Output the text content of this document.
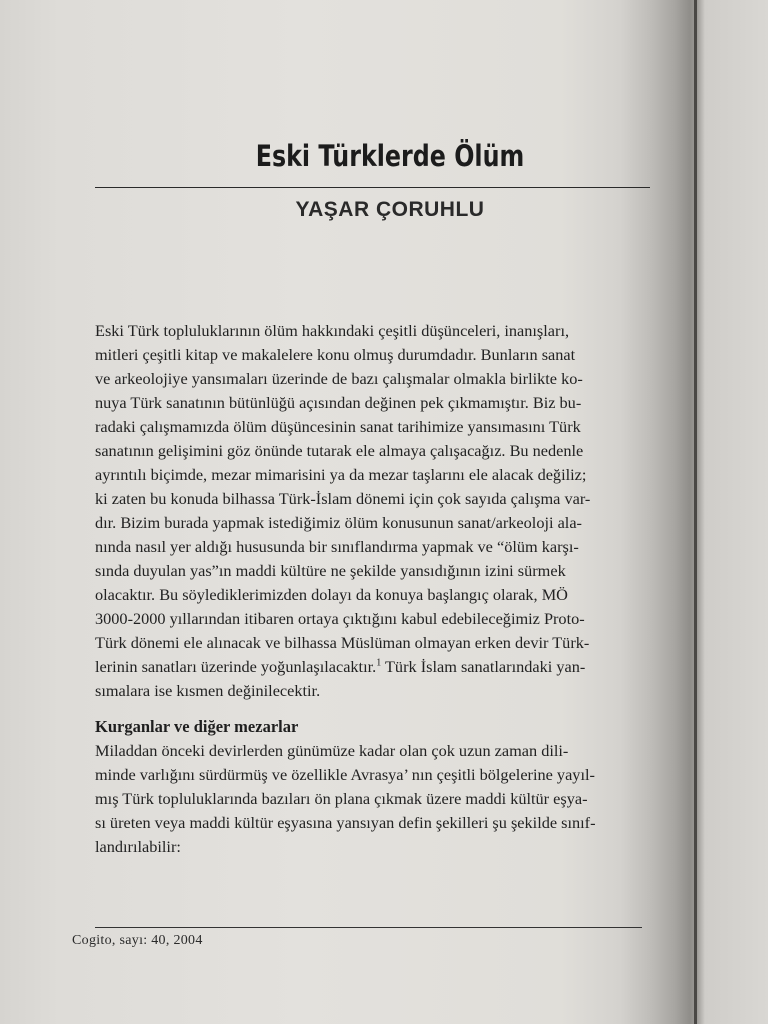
Eski Türklerde Ölüm
YAŞAR ÇORUHLU
Eski Türk topluluklarının ölüm hakkındaki çeşitli düşünceleri, inanışları,
mitleri çeşitli kitap ve makalelere konu olmuş durumdadır. Bunların sanat
ve arkeolojiye yansımaları üzerinde de bazı çalışmalar olmakla birlikte ko-
nuya Türk sanatının bütünlüğü açısından değinen pek çıkmamıştır. Biz bu-
radaki çalışmamızda ölüm düşüncesinin sanat tarihimize yansımasını Türk
sanatının gelişimini göz önünde tutarak ele almaya çalışacağız. Bu nedenle
ayrıntılı biçimde, mezar mimarisini ya da mezar taşlarını ele alacak değiliz;
ki zaten bu konuda bilhassa Türk-İslam dönemi için çok sayıda çalışma var-
dır. Bizim burada yapmak istediğimiz ölüm konusunun sanat/arkeoloji ala-
nında nasıl yer aldığı hususunda bir sınıflandırma yapmak ve “ölüm karşı-
sında duyulan yas”ın maddi kültüre ne şekilde yansıdığının izini sürmek
olacaktır. Bu söylediklerimizden dolayı da konuya başlangıç olarak, MÖ
3000-2000 yıllarından itibaren ortaya çıktığını kabul edebileceğimiz Proto-
Türk dönemi ele alınacak ve bilhassa Müslüman olmayan erken devir Türk-
lerinin sanatları üzerinde yoğunlaşılacaktır.$^1$ Türk İslam sanatlarındaki yan-
sımalara ise kısmen değinilecektir.
Kurganlar ve diğer mezarlar
Miladdan önceki devirlerden günümüze kadar olan çok uzun zaman dili-
minde varlığını sürdürmüş ve özellikle Avrasya’ nın çeşitli bölgelerine yayıl-
mış Türk topluluklarında bazıları ön plana çıkmak üzere maddi kültür eşya-
sı üreten veya maddi kültür eşyasına yansıyan defin şekilleri şu şekilde sınıf-
landırılabilir:

Cogito, sayı: 40, 2004
